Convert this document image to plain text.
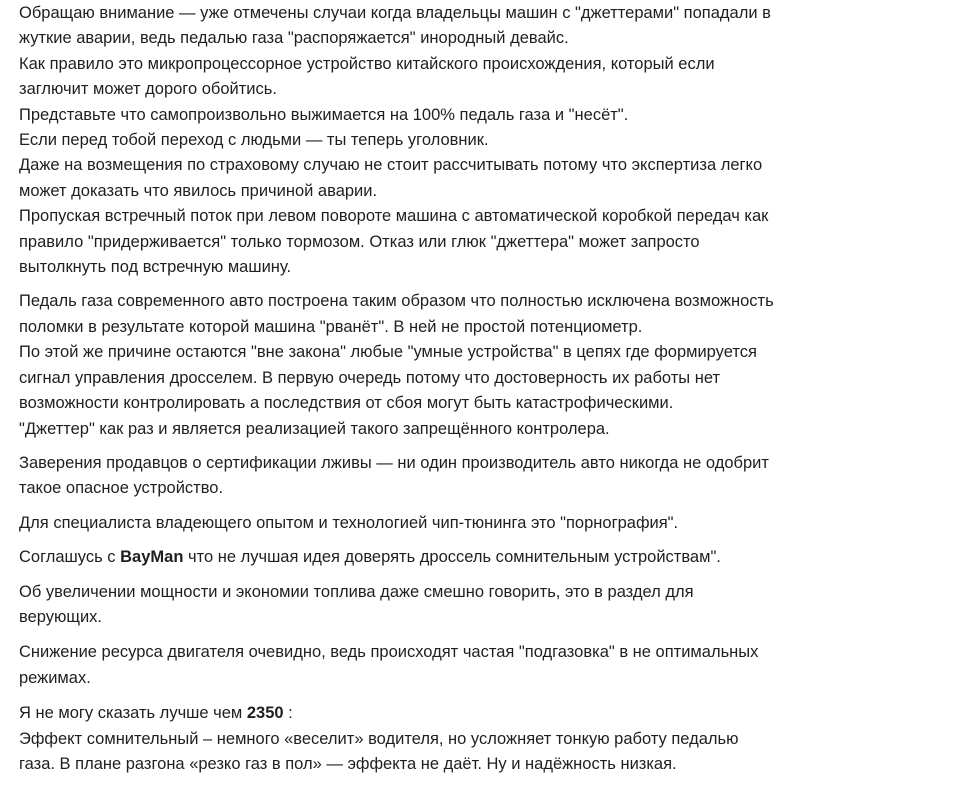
Обращаю внимание — уже отмечены случаи когда владельцы машин с "джеттерами" попадали в
жуткие аварии, ведь педалью газа "распоряжается" инородный девайс.
Как правило это микропроцессорное устройство китайского происхождения, который если
заглючит может дорого обойтись.
Представьте что самопроизвольно выжимается на 100% педаль газа и "несёт".
Если перед тобой переход с людьми — ты теперь уголовник.
Даже на возмещения по страховому случаю не стоит рассчитывать потому что экспертиза легко
может доказать что явилось причиной аварии.
Пропуская встречный поток при левом повороте машина с автоматической коробкой передач как
правило "придерживается" только тормозом. Отказ или глюк "джеттера" может запросто
вытолкнуть под встречную машину.

Педаль газа современного авто построена таким образом что полностью исключена возможность
поломки в результате которой машина "рванёт". В ней не простой потенциометр.
По этой же причине остаются "вне закона" любые "умные устройства" в цепях где формируется
сигнал управления дросселем. В первую очередь потому что достоверность их работы нет
возможности контролировать а последствия от сбоя могут быть катастрофическими.
"Джеттер" как раз и является реализацией такого запрещённого контролера.

Заверения продавцов о сертификации лживы — ни один производитель авто никогда не одобрит
такое опасное устройство.

Для специалиста владеющего опытом и технологией чип-тюнинга это "порнография".

Соглашусь с BayMan что не лучшая идея доверять дроссель сомнительным устройствам".

Об увеличении мощности и экономии топлива даже смешно говорить, это в раздел для
верующих.

Снижение ресурса двигателя очевидно, ведь происходят частая "подгазовка" в не оптимальных
режимах.

Я не могу сказать лучше чем 2350 :
Эффект сомнительный – немного «веселит» водителя, но усложняет тонкую работу педалью
газа. В плане разгона «резко газ в пол» — эффекта не даёт. Ну и надёжность низкая.
